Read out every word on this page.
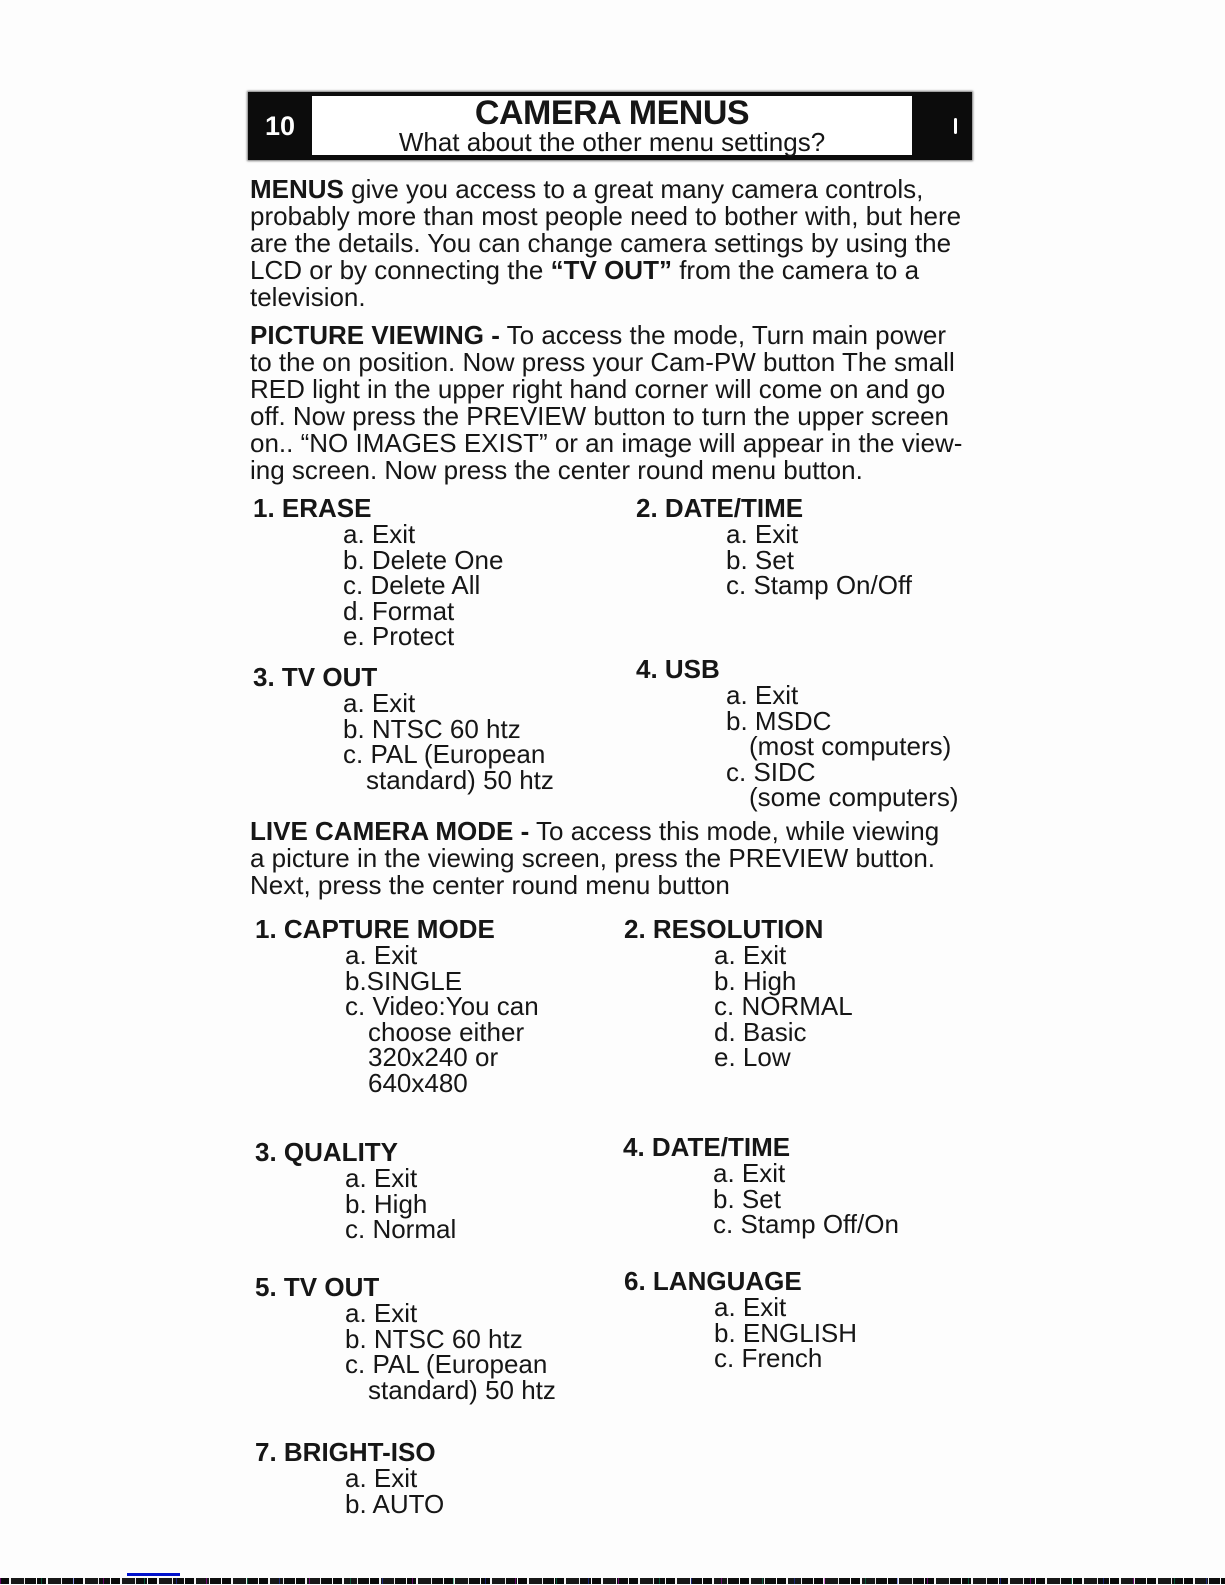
10	CAMERA MENUS
What about the other menu settings?
MENUS give you access to a great many camera controls,
probably more than most people need to bother with, but here
are the details. You can change camera settings by using the
LCD or by connecting the “TV OUT” from the camera to a
television.
PICTURE VIEWING - To access the mode, Turn main power
to the on position. Now press your Cam-PW button The small
RED light in the upper right hand corner will come on and go
off. Now press the PREVIEW button to turn the upper screen
on.. “NO IMAGES EXIST” or an image will appear in the view-
ing screen. Now press the center round menu button.
1. ERASE
a. Exit
b. Delete One
c. Delete All
d. Format
e. Protect
2. DATE/TIME
a. Exit
b. Set
c. Stamp On/Off
3. TV OUT
a. Exit
b. NTSC 60 htz
c. PAL (European
standard) 50 htz
4. USB
a. Exit
b. MSDC
(most computers)
c. SIDC
(some computers)
LIVE CAMERA MODE - To access this mode, while viewing
a picture in the viewing screen, press the PREVIEW button.
Next, press the center round menu button
1. CAPTURE MODE
a. Exit
b.SINGLE
c. Video:You can
choose either
320x240 or
640x480
2. RESOLUTION
a. Exit
b. High
c. NORMAL
d. Basic
e. Low
3. QUALITY
a. Exit
b. High
c. Normal
4. DATE/TIME
a. Exit
b. Set
c. Stamp Off/On
5. TV OUT
a. Exit
b. NTSC 60 htz
c. PAL (European
standard) 50 htz
6. LANGUAGE
a. Exit
b. ENGLISH
c. French
7. BRIGHT-ISO
a. Exit
b. AUTO
